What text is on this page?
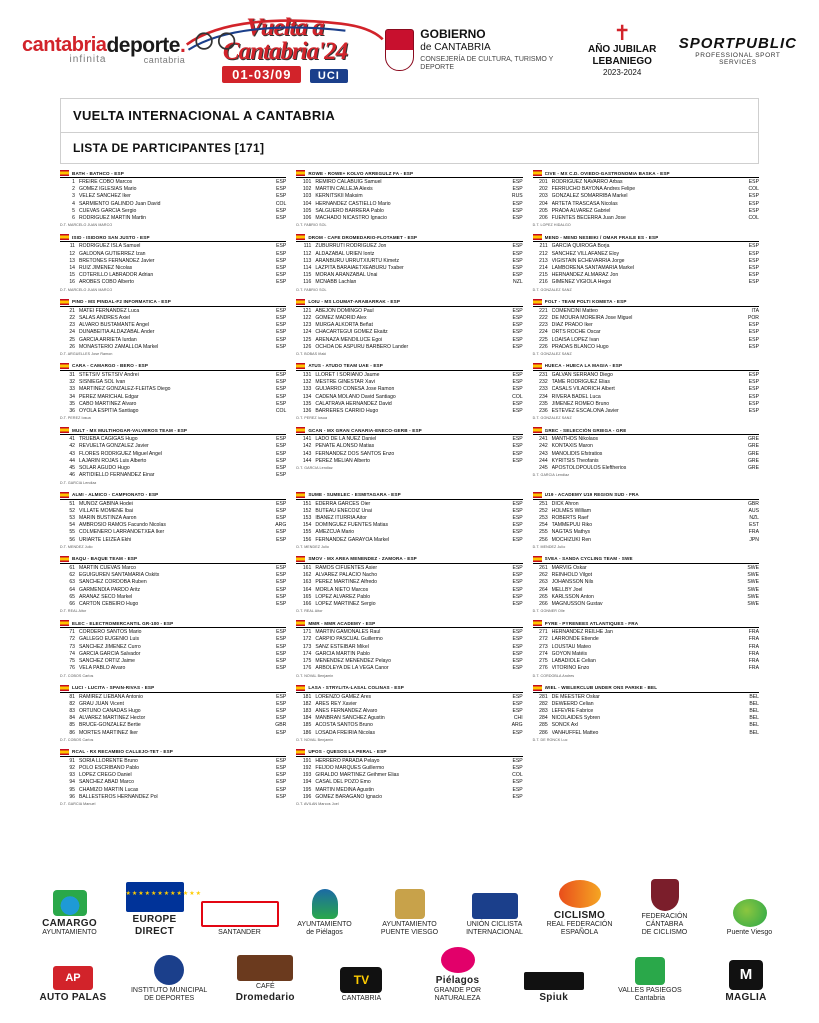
cantabria
infinita
deporte.
cantabria
Vuelta a
Cantabria'24
01-03/09 UCI
GOBIERNO
de CANTABRIA
CONSEJERÍA DE CULTURA, TURISMO Y DEPORTE
✝
AÑO JUBILAR LEBANIEGO
2023-2024
SPORTPUBLIC
PROFESSIONAL SPORT SERVICES
VUELTA INTERNACIONAL A CANTABRIA
LISTA DE PARTICIPANTES [171]
BATH - BATHCO - ESP
1 FREIRE COBO Marcos	ESP
2 GOMEZ IGLESIAS Mario	ESP
3 VELEZ SANCHEZ Iker	ESP
4 SARMIENTO GALINDO Juan David	COL
5 CUEVAS GARCIA Sergio	ESP
6 RODRIGUEZ MARTIN Martin	ESP
D.T. MARCELO JUAN MARCO
ROWE - ROWE+ KOLVO ARREGULZ FA - ESP
101 REMIRO CALABUIG Samuel	ESP
102 MARTIN CALLEJA Alexis	ESP
103 KERNITSKII Maksim	RUS
104 HERNANDEZ CASTIELLO Mario	ESP
105 SALGUERO BARRERA Pablo	ESP
106 MACHADO NICASTRO Ignacio	ESP
D.T. FABRIO SOL
CIVE - MX C.D. OVIEDO-GASTRONOMIA BASKA - ESP
201 RODRIGUEZ NAVARRO Arbas	ESP
202 FERRUCHO BAYONA Andres Felipe	COL
203 GONZALEZ SOMARRIBA Markel	ESP
204 ARTETA TRASCASA Nicolas	ESP
205 PRADA ALVAREZ Gabriel	ESP
206 FUENTES BECERRA Juan Jose	COL
D.T. LOPEZ HIDALGO
ISID - ISIDORO SAN JUSTO - ESP
11 RODRIGUEZ ISLA Samuel	ESP
12 GALDONA GUTIERREZ Izan	ESP
13 BRETONES FERNANDEZ Javier	ESP
14 RUIZ JIMENEZ Nicolas	ESP
15 COTERILLO LABRADOR Adrian	ESP
16 AROBES COBO Alberto	ESP
D.T. MARCELO JUAN MARCO
DROM - CAFE DROMEDARIO-FLOTAMET - ESP
111 ZUBURRUTI RODRIGUEZ Jon	ESP
112 ALDAZABAL URIEN Iontz	ESP
113 ARANBURU URRUTXIURTU Kimetz	ESP
114 LAZPITA BARAIAETXEABURU Txaber	ESP
115 MORAN ARANZABAL Unai	ESP
116 MCNABB Lachlan	NZL
D.T. FABRIO SOL
MEND - MEND NESBIKI / OMAR FRAILE ES - ESP
211 GARCIA QUIROGA Borja	ESP
212 SANCHEZ VILLAFAÑEZ Eloy	ESP
213 VIGISTAIN ECHEVARRIA Jorge	ESP
214 LAMBORENA SANTAMARIA Markel	ESP
215 HERNANDEZ ALMARAZ Jon	ESP
216 GIMENEZ VIGIOLA Hegoi	ESP
D.T. GONZALEZ SANZ
PIND - MS PINDAL-F2 INFORMATICA - ESP
21 MATEI FERNANDEZ Luca	ESP
22 SALAS ANDRES Axiel	ESP
23 ALVARO BUSTAMANTE Angel	ESP
24 DUNABEITIA ALDAZABAL Ander	ESP
25 GARCIA ARRIETA Iurdan	ESP
26 MONASTERIO ZAMALLOA Markel	ESP
D.T. ARGUELLES Jose Ramon
LOIU - MS LOUMAT-ARABARRAK - ESP
121 ABEJON DOMINGO Paul	ESP
122 GOMEZ MADRID Alex	ESP
123 MURGA ALKORTA Beñat	ESP
124 CHACARTEGUI GOMEZ Ekaitz	ESP
125 ARENAZA MENDILUCE Egoi	ESP
126 OCHOA DE ASPURU BÁRBERO Lander	ESP
D.T. BOBAS Iñaki
POLT - TEAM POLTI KOMETA - ESP
221 COMENCINI Matteo	ITA
222 DE MOURA MOREIRA Jose Miguel	POR
223 DIAZ PRADO Iker	ESP
224 ORTS ROCHE Oscar	ESP
225 LOAISA LOPEZ Ivan	ESP
226 PRADAS BLANCO Hugo	ESP
D.T. GONZALEZ SANZ
CARA - CAMARGO - BERO - ESP
31 STETSIV STETSIV Andrei	ESP
32 SISNIEGA SOL Ivan	ESP
33 MARTINEZ GONZALEZ-FLEITAS Diego	ESP
34 PEREZ MARICHAL Edgar	ESP
35 CABO MARTINEZ Alvaro	ESP
36 OYOLA ESPITIA Santiago	COL
D.T. PEREZ Iosua
ATUS - ATUDO TEAM UAE - ESP
131 LLORET I SORIANO Jaume	ESP
132 MESTRE GINESTAR Xavi	ESP
133 GUIJARRO CONESA Jose Ramon	ESP
134 CADENA MOLANO David Santiago	COL
135 CALATRAVA HERNANDEZ David	ESP
136 BARRERES CARRIO Hugo	ESP
D.T. PEREZ Iosua
HUECA - HUECA LA MAGIA - ESP
231 GALVAN SERRANO Diego	ESP
232 TAME RODRIGUEZ Elias	ESP
233 CASALS VILADRICH Albert	ESP
234 RIVERA BADEL Luca	ESP
235 JIMENEZ ROMEO Bruno	ESP
236 ESTEVEZ ESCALONA Javier	ESP
D.T. GONZALEZ SANZ
MULT - MX MULTIHOGAR-VALVEROS TEAM - ESP
41 TRUEBA CAGIGAS Hugo	ESP
42 REVUELTA GONZALEZ Javier	ESP
43 FLORES RODRIGUEZ Miguel Angel	ESP
44 LAJARIN ROJAS Luis Alberto	ESP
45 SOLAR AGUDO Hugo	ESP
46 ARTIDIELLO FERNÁNDEZ Einar	ESP
D.T. GARCIA Lendiaz
GCAN - MX GRAN CANARIA-ENECO-GERB - ESP
141 LADO DE LA NUEZ Daniel	ESP
142 PEÑATE ALONSO Matias	ESP
143 FERNANDEZ DOS SANTOS Enzo	ESP
144 PEREZ MELIAN Alberto	ESP
D.T. GARCIA Lendiaz
GREC - SELECCIÓN GRIEGA - GRE
241 MANTHOS Nikolaos	GRE
242 KONTAXIS Maron	GRE
243 MANOLIDIS Efstratios	GRE
244 KYRITSIS Theofanis	GRE
245 APOSTOLOPOULOS Eleftherios	GRE
D.T. GARCIA Lendiaz
ALMI - ALMICO - CAMPIONATO - ESP
51 MUÑOZ GABINA Hodei	ESP
52 VILLATE MOMENE Ibai	ESP
53 MARIN BUSTINZA Aaron	ESP
54 AMBROSIO RAMOS Facundo Nicolas	ARG
55 COLMENERO LARRAÑOETXEA Iker	ESP
56 URIARTE LEIZEA Ekhi	ESP
D.T. MENDEZ Julio
SUME - SUMELEC - ESMITAGARA - ESP
151 EDERRA GARCES Oier	ESP
152 BUTEAU ENECOIZ Unai	ESP
153 IBAÑEZ ITURRIA Aitor	ESP
154 DOMINGUEZ FUENTES Matias	ESP
155 AMEZCUA Mario	ESP
156 FERNANDEZ GARAYOA Markel	ESP
D.T. MENDEZ Julio
U19 - ACADEMY U19 REGION SUD - FRA
251 DICK Ahron	GBR
252 HOLMES William	AUS
253 ROBERTS Raef	NZL
254 TAMMEPUU Riko	EST
255 NAGTAS Mathys	FRA
256 MOCHIZUKI Ren	JPN
D.T. MENDEZ Julio
BAQU - BAQUE TEAM - ESP
61 MARTIN CUEVAS Marco	ESP
62 EGUIGUREN SANTAMARIA Oskitx	ESP
63 SANCHEZ CORDOBA Ruben	ESP
64 GARMENDIA PARDO Aritz	ESP
65 ARANAZ SECO Markel	ESP
66 CARTON CEBEIRO Hugo	ESP
D.T. REAL Aitor
SMOV - MX AREA MENENDEZ - ZAMORA - ESP
161 RAMOS CIFUENTES Asier	ESP
162 ALVAREZ PALACIO Nacho	ESP
163 PEREZ MARTINEZ Alfredo	ESP
164 MORLA NIETO Marcos	ESP
165 LOPEZ ALVAREZ Pablo	ESP
166 LOPEZ MARTINEZ Sergio	ESP
D.T. REAL Aitor
SVEA - SANDA CYCLING TEAM - SWE
261 MARVIG Oskar	SWE
262 REINHOLD Vilgot	SWE
263 JOHANSSON Nils	SWE
264 MELLBY Joel	SWE
265 KARLSSON Anton	SWE
266 MAGNUSSON Gustav	SWE
D.T. GONNER Olle
ELEC - ELECTROMERCANTIL GR-100 - ESP
71 CORDERO SANTOS Mario	ESP
72 GALLEGO EUGENIO Luis	ESP
73 SANCHEZ JIMENEZ Curro	ESP
74 GARCIA GARCIA Salvador	ESP
75 SANCHEZ ORTIZ Jaime	ESP
76 VELA PABLO Alvaro	ESP
D.T. COBOS Carlos
MMR - MMR ACADEMY - ESP
171 MARTIN GAMONALES Raul	ESP
172 CARPIO PASCUAL Guillermo	ESP
173 SANZ ESTEIBAR Mikel	ESP
174 GARCIA MARTIN Pablo	ESP
175 MENENDEZ MENENDEZ Pelayo	ESP
176 ARBOLEYA DE LA VEGA Canor	ESP
D.T. NOVAL Benjamin
PYRE - PYRENEES ATLANTIQUES - FRA
271 HERNANDEZ REILHE Jan	FRA
272 LARRONDE Etiende	FRA
273 LOUSTAU Mateo	FRA
274 GOYON Matéis	FRA
275 LABADIOLE Celian	FRA
276 VITORINO Enzo	FRA
D.T. CORDOBLA Andres
LUCI - LUCITA - SPAIN-RIVAS - ESP
81 RAMIREZ LIEBANA Antonio	ESP
82 GRAU JUAN Vicent	ESP
83 ORTUNO CANADAS Hugo	ESP
84 ALVAREZ MARTINEZ Hector	ESP
85 BRUCE-GONZALEZ Bertie	GBR
86 MORTES MARTINEZ Iker	ESP
D.T. COBOS Carlos
LASA - STRYLITA-LASAL COLINAS - ESP
181 LORENZO GAMEZ Ares	ESP
182 ARES REY Xavier	ESP
183 ANES FERNANDEZ Alvaro	ESP
184 MANBRAN SANCHEZ Agustin	CHI
185 ACOSTA SANTOS Bruno	ARG
186 LOSADA FREIRIA Nicolas	ESP
D.T. NOVAL Benjamin
WIEL - WIELERCLUB UNDER ONS PARIKE - BEL
281 DE MEESTER Oskar	BEL
282 DEWEERD Celian	BEL
283 LEFEVRE Fabrice	BEL
284 NICOLAIDES Sybren	BEL
285 SONCK Axl	BEL
286 VANHUFFEL Matteo	BEL
D.T. DE RONCK Luc
RCAL - RX RECAMBIO CALLEJO-TET - ESP
91 SORIA LLORENTE Bruno	ESP
92 POLO ESCRIBANO Pablo	ESP
93 LOPEZ CREGO Daniel	ESP
94 SANCHEZ ABAD Marco	ESP
95 CHAMIZO MARTIN Lucas	ESP
96 BALLESTEROS HERNANDEZ Pol	ESP
D.T. GARCIA Manuel
UPOS - QUESOS LA PERAL - ESP
191 HERRERO PARADA Pelayo	ESP
192 FEIJOO MARQUES Guillermo	ESP
193 GIRALDO MARTINEZ Geihmer Elias	COL
194 CASAL DEL POZO Emo	ESP
195 MARTIN MEDINA Agustin	ESP
196 GOMEZ BARAGAÑO Ignacio	ESP
D.T. AVILAN Marcos Joel
CAMARGO
AYUNTAMIENTO
★★★★★★★★★★★★
EUROPE DIRECT	SANTANDER
AYUNTAMIENTO
de Piélagos
AYUNTAMIENTO
PUENTE VIESGO
UNIÓN CICLISTA INTERNACIONAL
CICLISMO
REAL FEDERACIÓN ESPAÑOLA
FEDERACIÓN CÁNTABRA
DE CICLISMO	Puente Viesgo
AP
AUTO PALAS
INSTITUTO MUNICIPAL
DE DEPORTES
CAFÉ
Dromedario
TV
CANTABRIA
Piélagos
GRANDE POR NATURALEZA	Spiuk
VALLES PASIEGOS
Cantabria
M
MAGLIA
